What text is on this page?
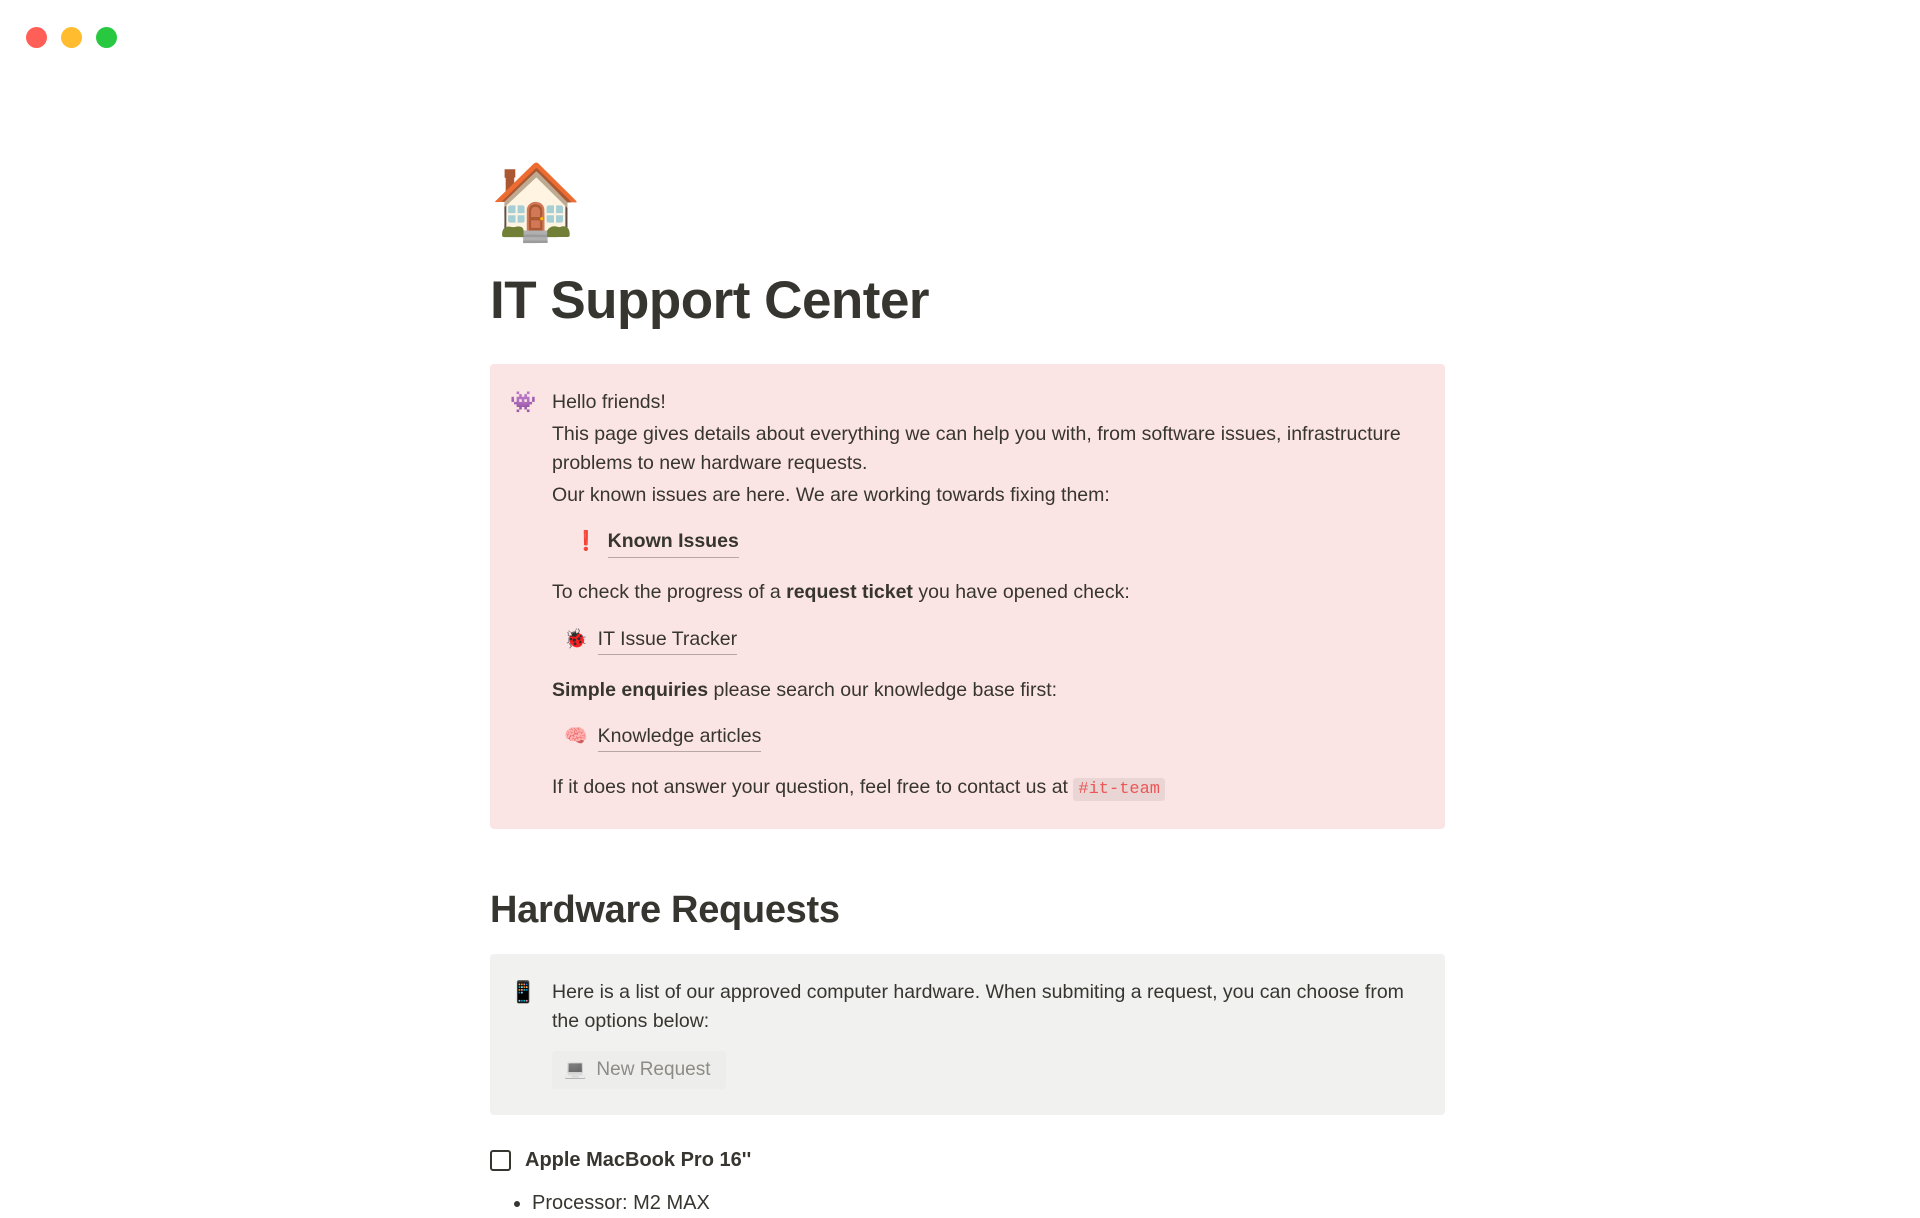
🏠
IT Support Center
👾 Hello friends!

This page gives details about everything we can help you with, from software issues, infrastructure problems to new hardware requests.

Our known issues are here. We are working towards fixing them:

❗ Known Issues

To check the progress of a request ticket you have opened check:

🐞 IT Issue Tracker

Simple enquiries please search our knowledge base first:

🧠 Knowledge articles

If it does not answer your question, feel free to contact us at #it-team

Hardware Requests
📱 Here is a list of our approved computer hardware. When submiting a request, you can choose from the options below:

💻 New Request
Apple MacBook Pro 16''
• Processor: M2 MAX
